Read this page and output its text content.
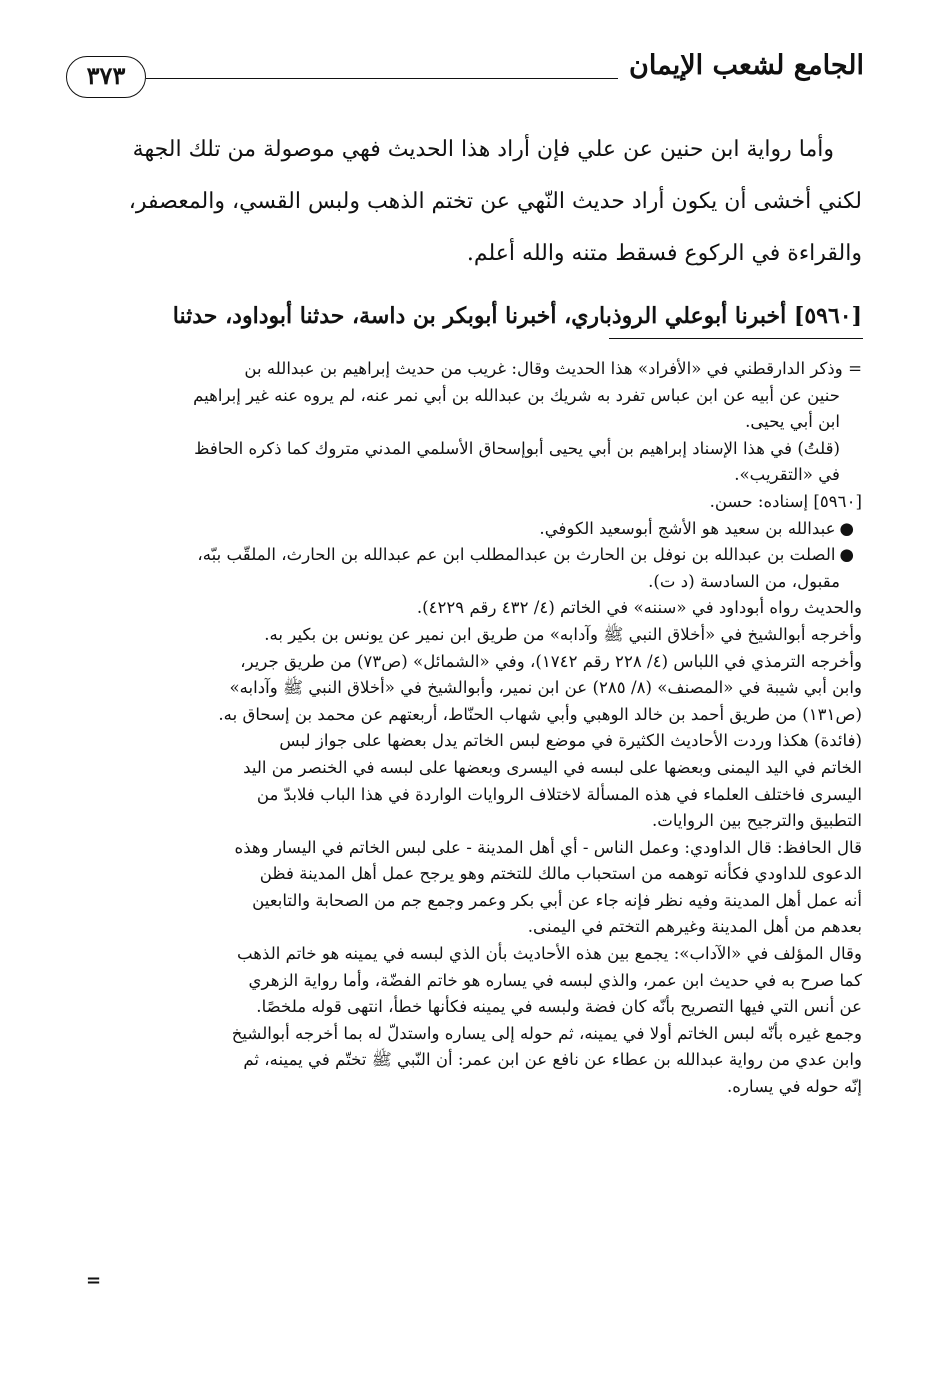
الجامع لشعب الإيمان
٣٧٣

وأما رواية ابن حنين عن علي فإن أراد هذا الحديث فهي موصولة من تلك الجهة

لكني أخشى أن يكون أراد حديث النّهي عن تختم الذهب ولبس القسي، والمعصفر،

والقراءة في الركوع فسقط متنه والله أعلم.

[٥٩٦٠] أخبرنا أبوعلي الروذباري، أخبرنا أبوبكر بن داسة، حدثنا أبوداود، حدثنا

= وذكر الدارقطني في «الأفراد» هذا الحديث وقال: غريب من حديث إبراهيم بن عبدالله بن

حنين عن أبيه عن ابن عباس تفرد به شريك بن عبدالله بن أبي نمر عنه، لم يروه عنه غير إبراهيم

ابن أبي يحيى.

(قلتُ) في هذا الإسناد إبراهيم بن أبي يحيى أبوإسحاق الأسلمي المدني متروك كما ذكره الحافظ

في «التقريب».

[٥٩٦٠] إسناده: حسن.

●عبدالله بن سعيد هو الأشج أبوسعيد الكوفي.

●الصلت بن عبدالله بن نوفل بن الحارث بن عبدالمطلب ابن عم عبدالله بن الحارث، الملقّب ببّه،

مقبول، من السادسة (د ت).

والحديث رواه أبوداود في «سننه» في الخاتم (٤/ ٤٣٢ رقم ٤٢٢٩).

وأخرجه أبوالشيخ في «أخلاق النبي ﷺ وآدابه» من طريق ابن نمير عن يونس بن بكير به.

وأخرجه الترمذي في اللباس (٤/ ٢٢٨ رقم ١٧٤٢)، وفي «الشمائل» (ص٧٣) من طريق جرير،

وابن أبي شيبة في «المصنف» (٨/ ٢٨٥) عن ابن نمير، وأبوالشيخ في «أخلاق النبي ﷺ وآدابه»

(ص١٣١) من طريق أحمد بن خالد الوهبي وأبي شهاب الحنّاط، أربعتهم عن محمد بن إسحاق به.

(فائدة) هكذا وردت الأحاديث الكثيرة في موضع لبس الخاتم يدل بعضها على جواز لبس

الخاتم في اليد اليمنى وبعضها على لبسه في اليسرى وبعضها على لبسه في الخنصر من اليد

اليسرى فاختلف العلماء في هذه المسألة لاختلاف الروايات الواردة في هذا الباب فلابدّ من

التطبيق والترجيح بين الروايات.

قال الحافظ: قال الداودي: وعمل الناس - أي أهل المدينة - على لبس الخاتم في اليسار وهذه

الدعوى للداودي فكأنه توهمه من استحباب مالك للتختم وهو يرجح عمل أهل المدينة فظن

أنه عمل أهل المدينة وفيه نظر فإنه جاء عن أبي بكر وعمر وجمع جم من الصحابة والتابعين

بعدهم من أهل المدينة وغيرهم التختم في اليمنى.

وقال المؤلف في «الآداب»: يجمع بين هذه الأحاديث بأن الذي لبسه في يمينه هو خاتم الذهب

كما صرح به في حديث ابن عمر، والذي لبسه في يساره هو خاتم الفضّة، وأما رواية الزهري

عن أنس التي فيها التصريح بأنّه كان فضة ولبسه في يمينه فكأنها خطأ، انتهى قوله ملخصًا.

وجمع غيره بأنّه لبس الخاتم أولا في يمينه، ثم حوله إلى يساره واستدلّ له بما أخرجه أبوالشيخ

وابن عدي من رواية عبدالله بن عطاء عن نافع عن ابن عمر: أن النّبي ﷺ تختّم في يمينه، ثم

إنّه حوله في يساره.

=
